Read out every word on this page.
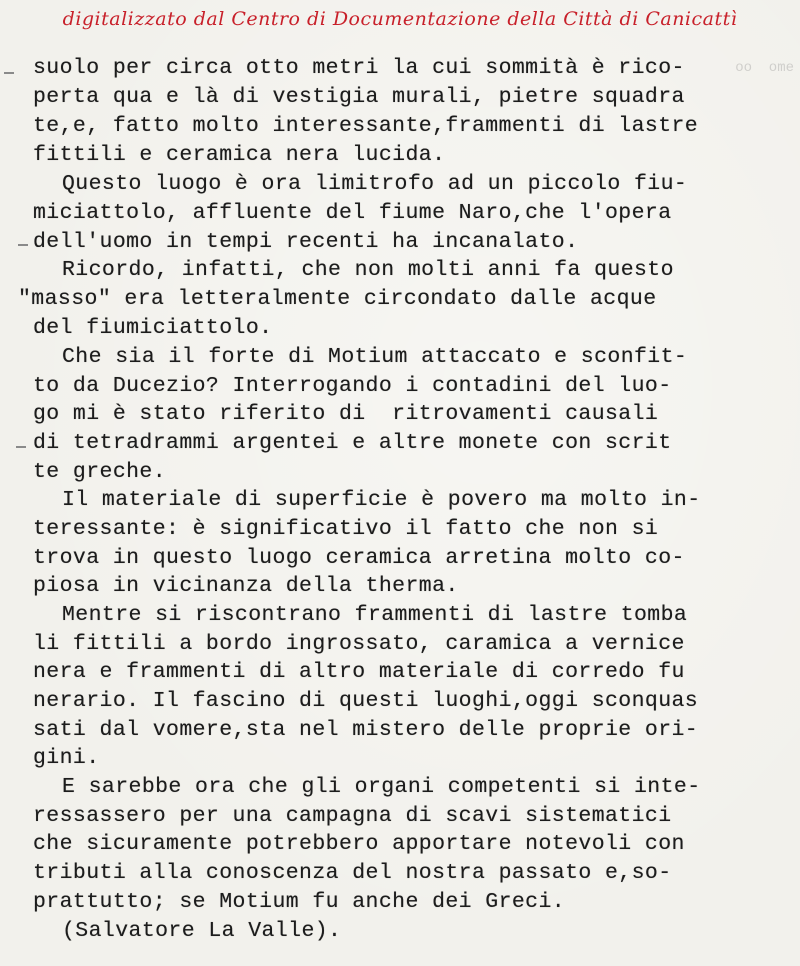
digitalizzato dal Centro di Documentazione della Città di Canicattì

oo  ome

suolo per circa otto metri la cui sommità è rico-
perta qua e là di vestigia murali, pietre squadra
te,e, fatto molto interessante,frammenti di lastre
fittili e ceramica nera lucida.
Questo luogo è ora limitrofo ad un piccolo fiu-
miciattolo, affluente del fiume Naro,che l'opera
dell'uomo in tempi recenti ha incanalato.
Ricordo, infatti, che non molti anni fa questo
"masso" era letteralmente circondato dalle acque
del fiumiciattolo.
Che sia il forte di Motium attaccato e sconfit-
to da Ducezio? Interrogando i contadini del luo-
go mi è stato riferito di  ritrovamenti causali
di tetradrammi argentei e altre monete con scrit
te greche.
Il materiale di superficie è povero ma molto in-
teressante: è significativo il fatto che non si
trova in questo luogo ceramica arretina molto co-
piosa in vicinanza della therma.
Mentre si riscontrano frammenti di lastre tomba
li fittili a bordo ingrossato, caramica a vernice
nera e frammenti di altro materiale di corredo fu
nerario. Il fascino di questi luoghi,oggi sconquas
sati dal vomere,sta nel mistero delle proprie ori-
gini.
E sarebbe ora che gli organi competenti si inte-
ressassero per una campagna di scavi sistematici
che sicuramente potrebbero apportare notevoli con
tributi alla conoscenza del nostra passato e,so-
prattutto; se Motium fu anche dei Greci.
(Salvatore La Valle).
